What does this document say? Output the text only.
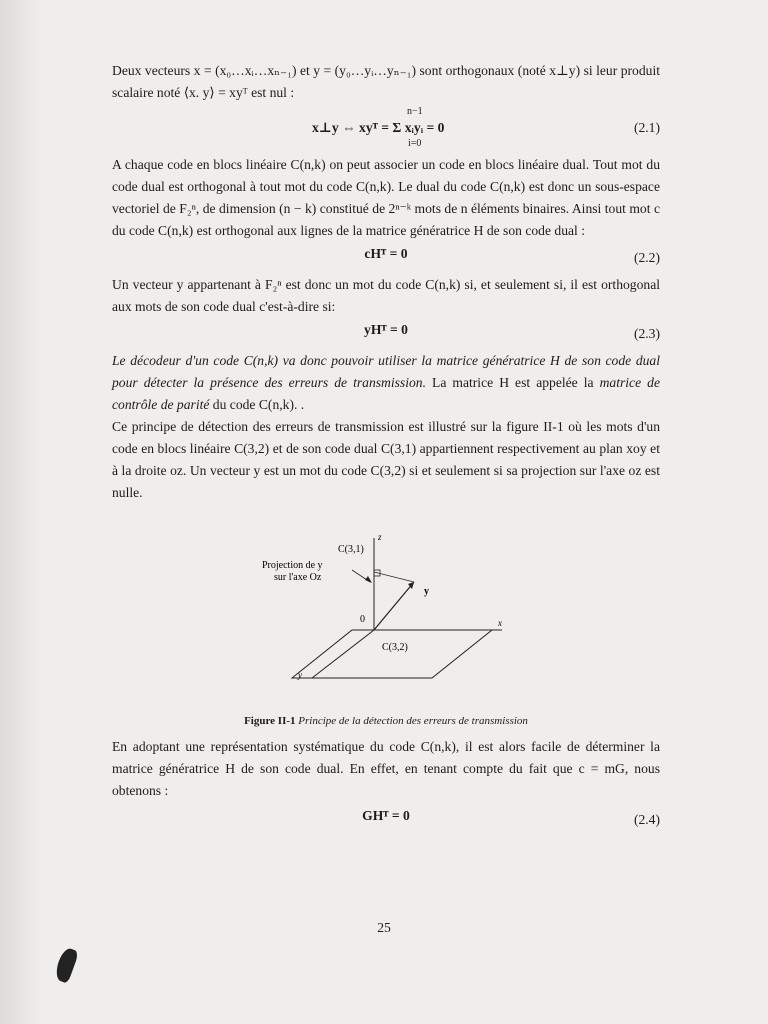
Deux vecteurs x = (x₀…xᵢ…xₙ₋₁) et y = (y₀…yᵢ…yₙ₋₁) sont orthogonaux (noté x⊥y) si leur produit scalaire noté ⟨x. y⟩ = xyᵀ est nul :

x⊥y ⇔ xyᵀ = Σ xᵢyᵢ = 0
n−1
i=0
(2.1)

A chaque code en blocs linéaire C(n,k) on peut associer un code en blocs linéaire dual. Tout mot du code dual est orthogonal à tout mot du code C(n,k). Le dual du code C(n,k) est donc un sous-espace vectoriel de F₂ⁿ, de dimension (n − k) constitué de 2ⁿ⁻ᵏ mots de n éléments binaires. Ainsi tout mot c du code C(n,k) est orthogonal aux lignes de la matrice génératrice H de son code dual :

cHᵀ = 0	(2.2)

Un vecteur y appartenant à F₂ⁿ est donc un mot du code C(n,k) si, et seulement si, il est orthogonal aux mots de son code dual c'est-à-dire si:

yHᵀ = 0	(2.3)

Le décodeur d'un code C(n,k) va donc pouvoir utiliser la matrice génératrice H de son code dual pour détecter la présence des erreurs de transmission. La matrice H est appelée la matrice de contrôle de parité du code C(n,k). .

Ce principe de détection des erreurs de transmission est illustré sur la figure II-1 où les mots d'un code en blocs linéaire C(3,2) et de son code dual C(3,1) appartiennent respectivement au plan xoy et à la droite oz. Un vecteur y est un mot du code C(3,2) si et seulement si sa projection sur l'axe oz est nulle.

z
C(3,1)
Projection de y
sur l'axe Oz
y
0	x
C(3,2)
y
Figure II-1 Principe de la détection des erreurs de transmission

En adoptant une représentation systématique du code C(n,k), il est alors facile de déterminer la matrice génératrice H de son code dual. En effet, en tenant compte du fait que c = mG, nous obtenons :

GHᵀ = 0	(2.4)
25
